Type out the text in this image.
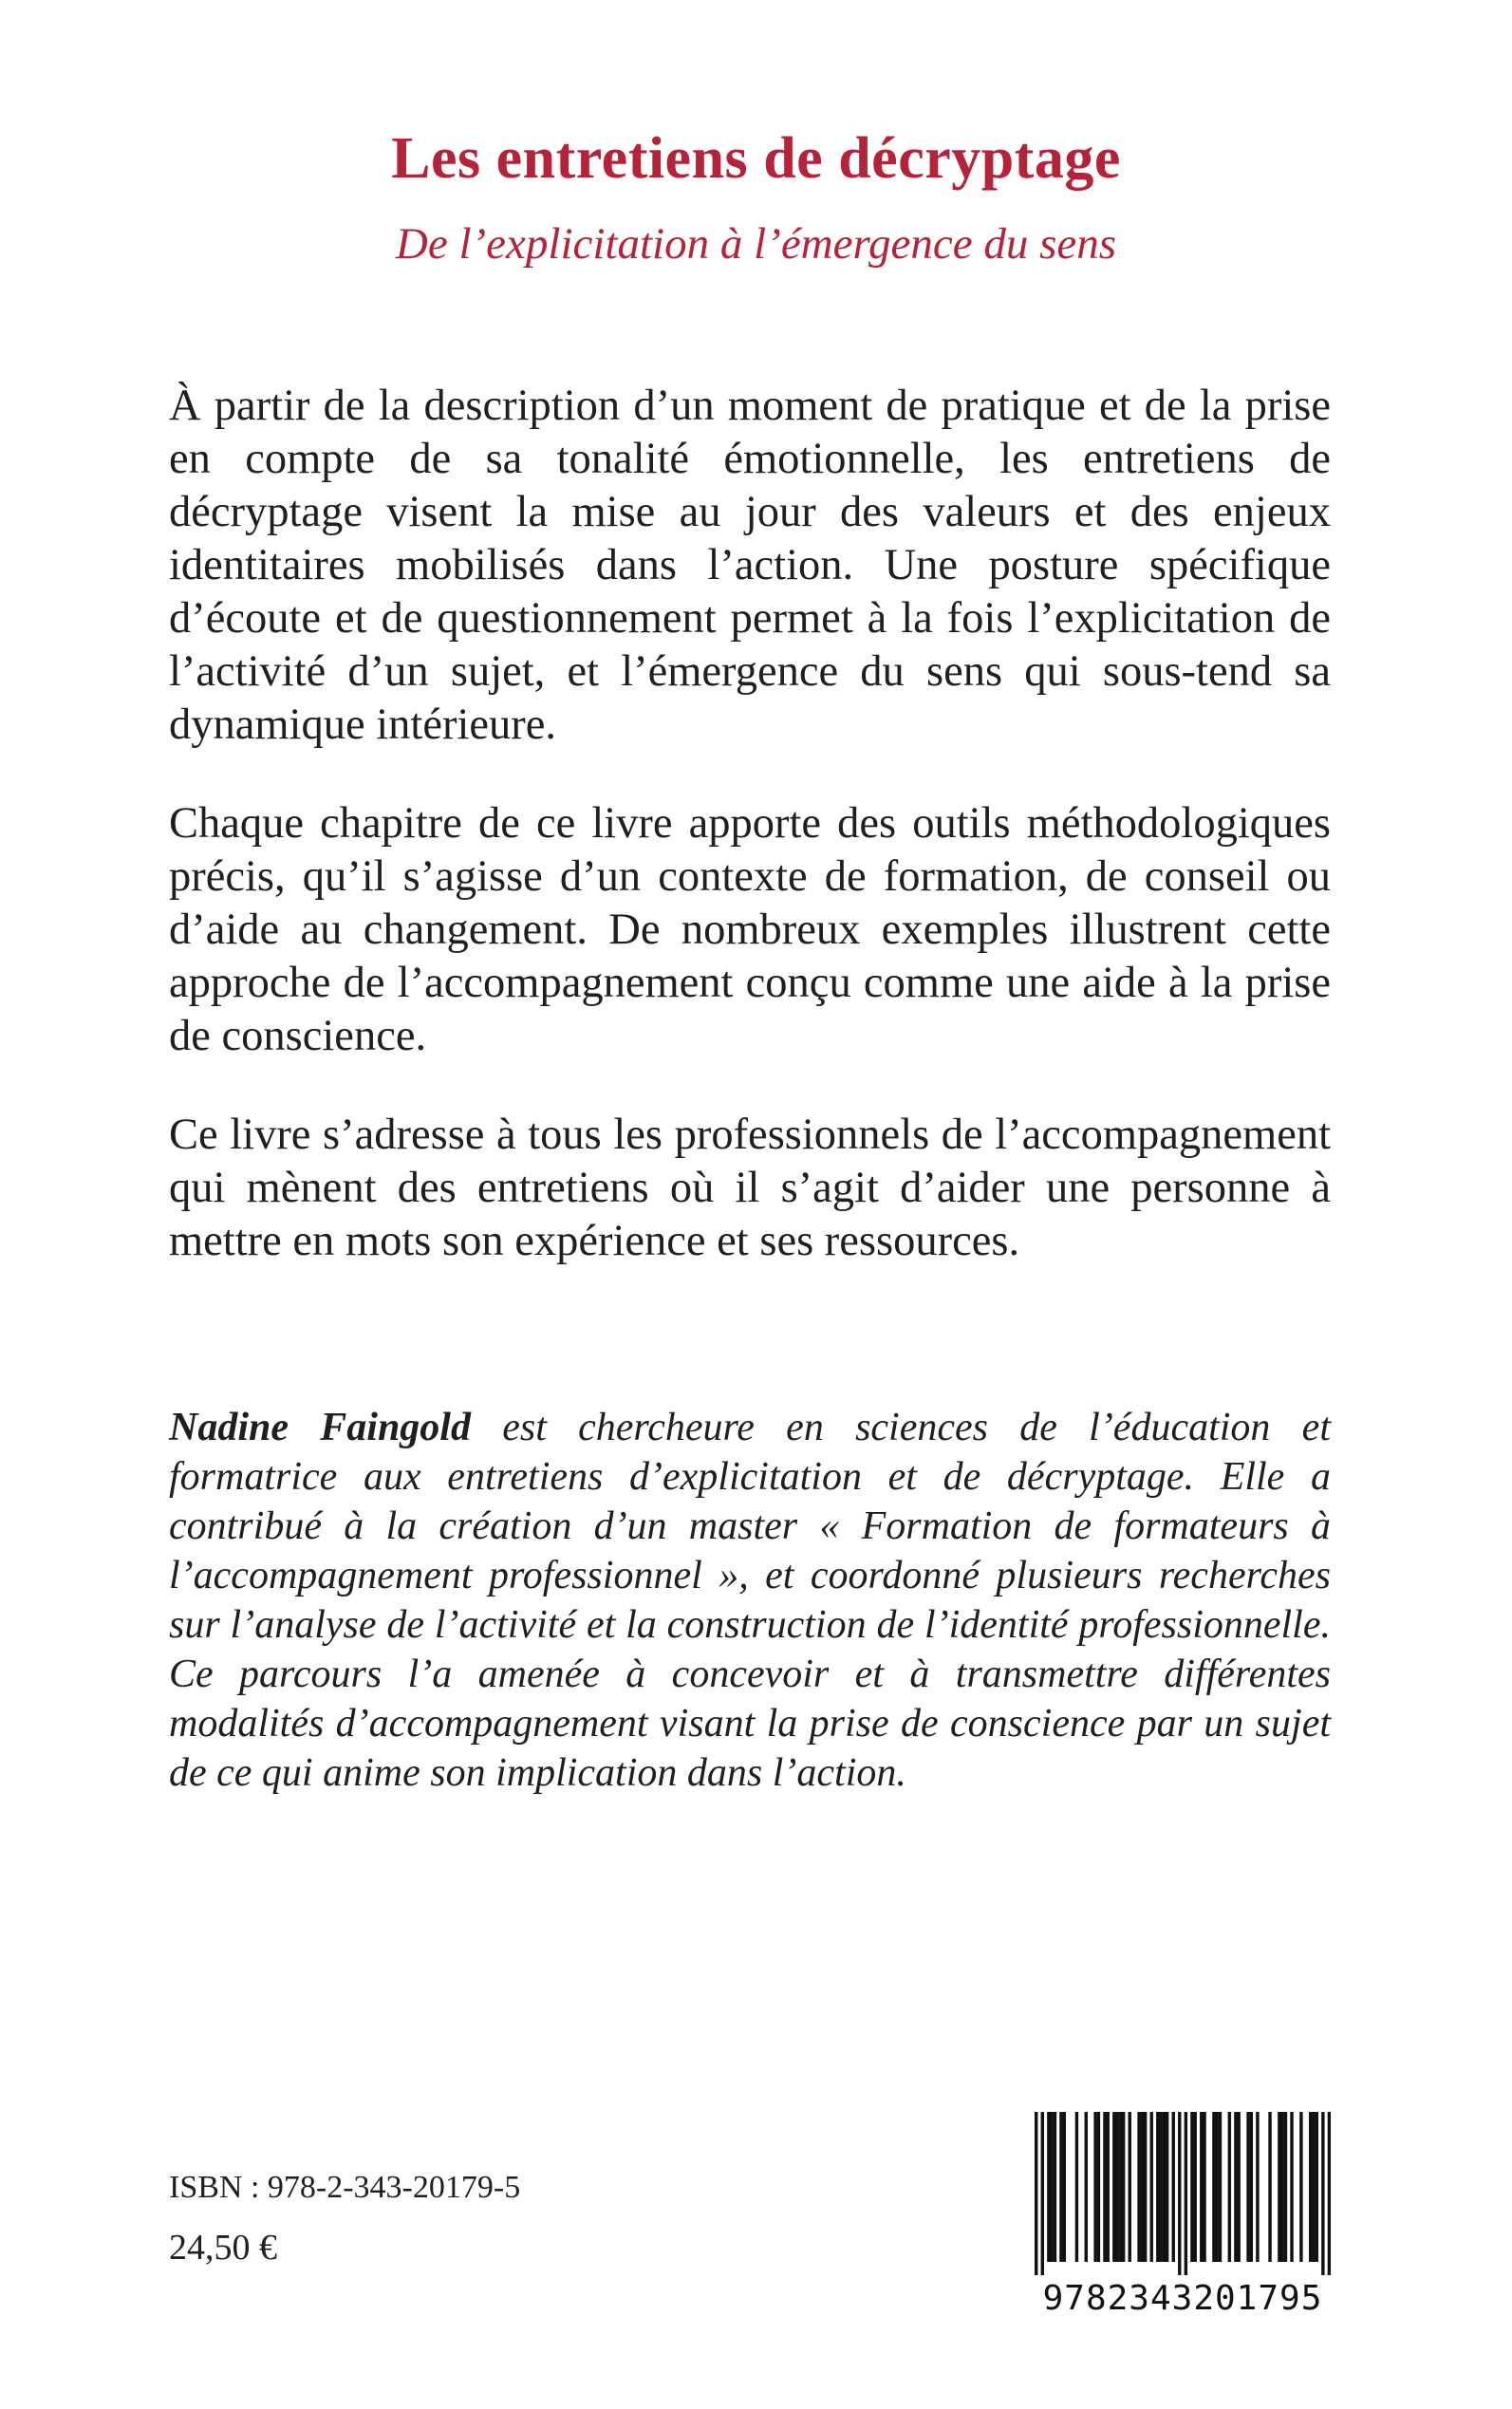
Les entretiens de décryptage
De l’explicitation à l’émergence du sens

À partir de la description d’un moment de pratique et de la prise en compte de sa tonalité émotionnelle, les entretiens de décryptage visent la mise au jour des valeurs et des enjeux identitaires mobilisés dans l’action. Une posture spécifique d’écoute et de questionnement permet à la fois l’explicitation de l’activité d’un sujet, et l’émergence du sens qui sous-tend sa dynamique intérieure.

Chaque chapitre de ce livre apporte des outils méthodologiques précis, qu’il s’agisse d’un contexte de formation, de conseil ou d’aide au changement. De nombreux exemples illustrent cette approche de l’accompagnement conçu comme une aide à la prise de conscience.

Ce livre s’adresse à tous les professionnels de l’accompagnement qui mènent des entretiens où il s’agit d’aider une personne à mettre en mots son expérience et ses ressources.

Nadine Faingold est chercheure en sciences de l’éducation et formatrice aux entretiens d’explicitation et de décryptage. Elle a contribué à la création d’un master « Formation de formateurs à l’accompagnement professionnel », et coordonné plusieurs recherches sur l’analyse de l’activité et la construction de l’identité professionnelle. Ce parcours l’a amenée à concevoir et à transmettre différentes modalités d’accompagnement visant la prise de conscience par un sujet de ce qui anime son implication dans l’action.

ISBN : 978-2-343-20179-5
24,50 €
9782343201795
